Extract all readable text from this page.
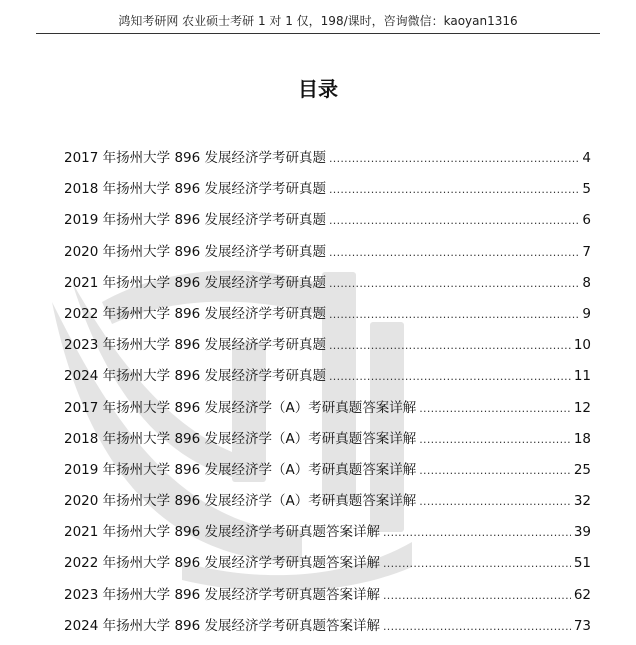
鸿知考研网 农业硕士考研 1 对 1 仅，198/课时，咨询微信：kaoyan1316
目录
2017 年扬州大学 896 发展经济学考研真题 . . .	4
2018 年扬州大学 896 发展经济学考研真题 . . .	5
2019 年扬州大学 896 发展经济学考研真题 . . .	6
2020 年扬州大学 896 发展经济学考研真题 . . .	7
2021 年扬州大学 896 发展经济学考研真题 . . .	8
2022 年扬州大学 896 发展经济学考研真题 . . .	9
2023 年扬州大学 896 发展经济学考研真题 . . .	10
2024 年扬州大学 896 发展经济学考研真题 . . .	11
2017 年扬州大学 896 发展经济学（A）考研真题答案详解 . . .	12
2018 年扬州大学 896 发展经济学（A）考研真题答案详解 . . .	18
2019 年扬州大学 896 发展经济学（A）考研真题答案详解 . . .	25
2020 年扬州大学 896 发展经济学（A）考研真题答案详解 . . .	32
2021 年扬州大学 896 发展经济学考研真题答案详解 . . .	39
2022 年扬州大学 896 发展经济学考研真题答案详解 . . .	51
2023 年扬州大学 896 发展经济学考研真题答案详解 . . .	62
2024 年扬州大学 896 发展经济学考研真题答案详解 . . .	73
